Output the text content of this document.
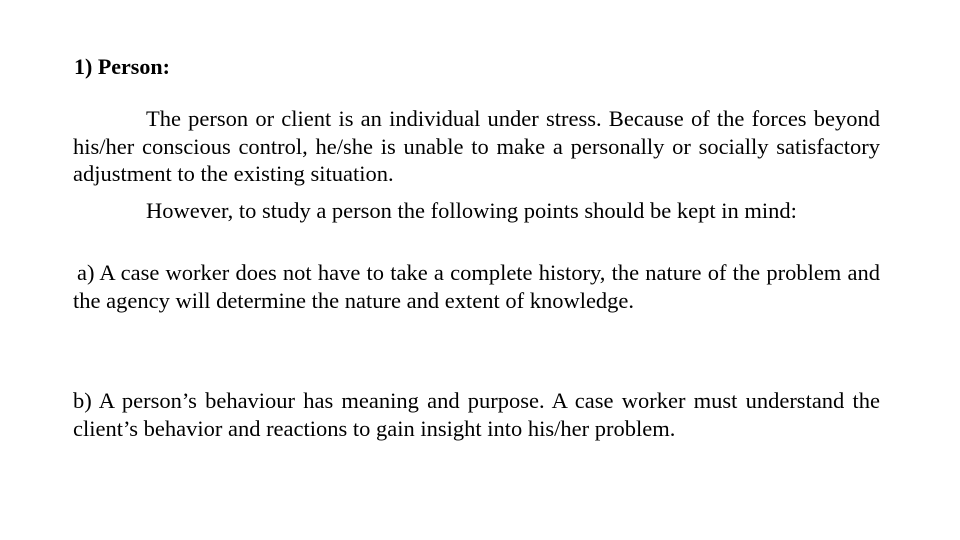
1) Person:

The person or client is an individual under stress. Because of the forces beyond his/her conscious control, he/she is unable to make a personally or socially satisfactory adjustment to the existing situation.

However, to study a person the following points should be kept in mind:

a) A case worker does not have to take a complete history, the nature of the problem and the agency will determine the nature and extent of knowledge.

b) A person’s behaviour has meaning and purpose. A case worker must understand the client’s behavior and reactions to gain insight into his/her problem.
